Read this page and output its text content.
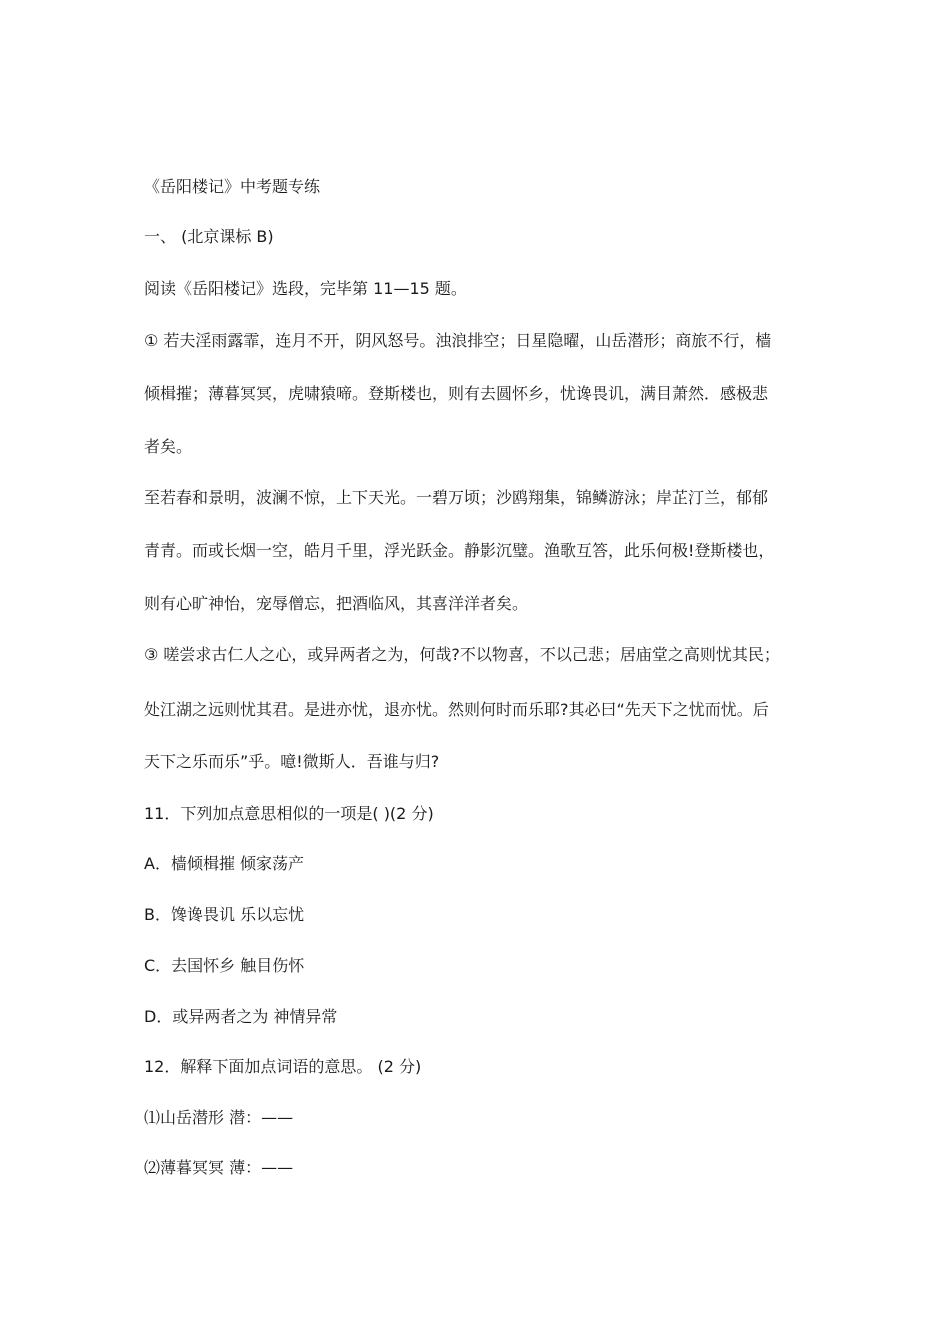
《岳阳楼记》中考题专练
一、 (北京课标 B)
阅读《岳阳楼记》选段，完毕第 11—15 题。
① 若夫淫雨露霏，连月不开，阴风怒号。浊浪排空；日星隐曜，山岳潜形；商旅不行，樯
倾楫摧；薄暮冥冥，虎啸猿啼。登斯楼也，则有去圆怀乡，忧谗畏讥，满目萧然．感极悲
者矣。
至若春和景明，波澜不惊，上下天光。一碧万顷；沙鸥翔集，锦鳞游泳；岸芷汀兰，郁郁
青青。而或长烟一空，皓月千里，浮光跃金。静影沉璧。渔歌互答，此乐何极!登斯楼也，
则有心旷神怡，宠辱僧忘，把酒临风，其喜洋洋者矣。
③ 嗟尝求古仁人之心，或异两者之为，何哉?不以物喜，不以己悲；居庙堂之高则忧其民；
处江湖之远则忧其君。是进亦忧，退亦忧。然则何时而乐耶?其必曰“先天下之忧而忧。后
天下之乐而乐”乎。噫!微斯人．吾谁与归?
11．下列加点意思相似的一项是( )(2 分)
A．樯倾楫摧 倾家荡产
B．馋谗畏讥 乐以忘忧
C．去国怀乡 触目伤怀
D．或异两者之为 神情异常
12．解释下面加点词语的意思。 (2 分)
⑴山岳潜形 潜：——
⑵薄暮冥冥 薄：——
